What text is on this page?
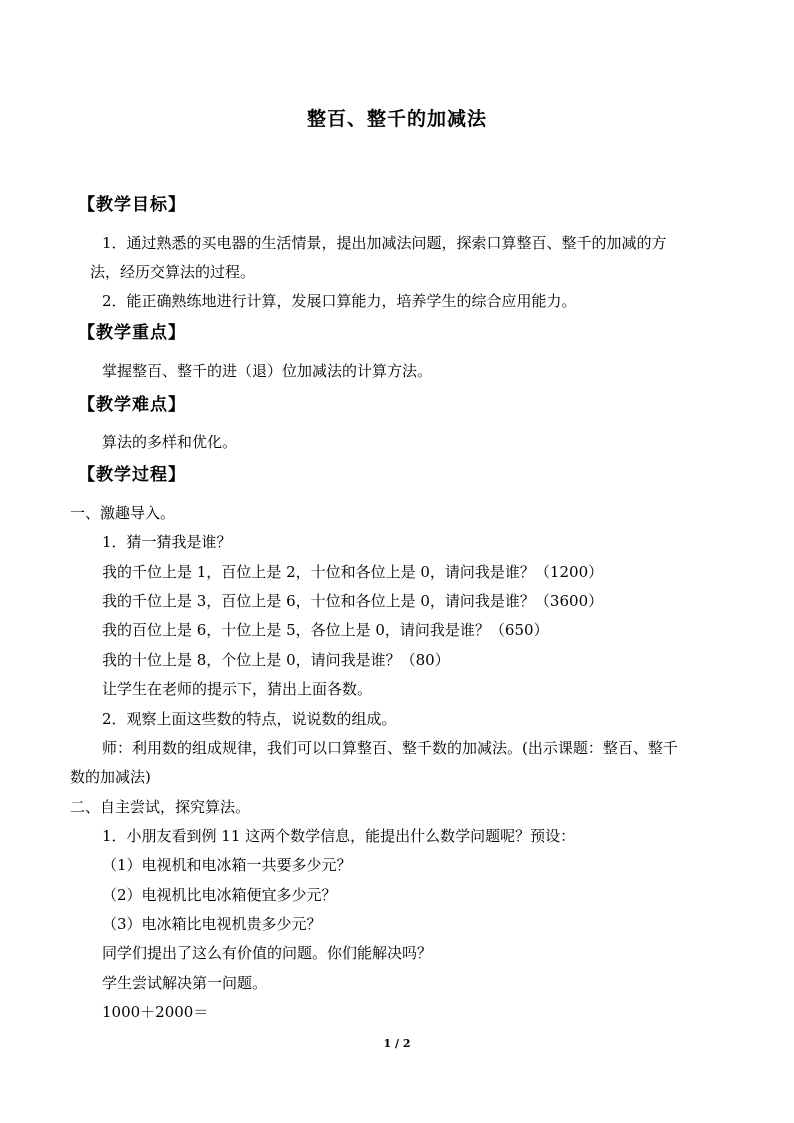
整百、整千的加减法
【教学目标】
1．通过熟悉的买电器的生活情景，提出加减法问题，探索口算整百、整千的加减的方
法，经历交算法的过程。
2．能正确熟练地进行计算，发展口算能力，培养学生的综合应用能力。
【教学重点】
掌握整百、整千的进（退）位加减法的计算方法。
【教学难点】
算法的多样和优化。
【教学过程】
一、激趣导入。
1．猜一猜我是谁？
我的千位上是 1，百位上是 2，十位和各位上是 0，请问我是谁？（1200）
我的千位上是 3，百位上是 6，十位和各位上是 0，请问我是谁？（3600）
我的百位上是 6，十位上是 5，各位上是 0，请问我是谁？（650）
我的十位上是 8，个位上是 0，请问我是谁？（80）
让学生在老师的提示下，猜出上面各数。
2．观察上面这些数的特点，说说数的组成。
师：利用数的组成规律，我们可以口算整百、整千数的加减法。(出示课题：整百、整千
数的加减法)
二、自主尝试，探究算法。
1．小朋友看到例 11 这两个数学信息，能提出什么数学问题呢？预设：
（1）电视机和电冰箱一共要多少元？
（2）电视机比电冰箱便宜多少元？
（3）电冰箱比电视机贵多少元？
同学们提出了这么有价值的问题。你们能解决吗？
学生尝试解决第一问题。
1000＋2000＝
1 / 2
